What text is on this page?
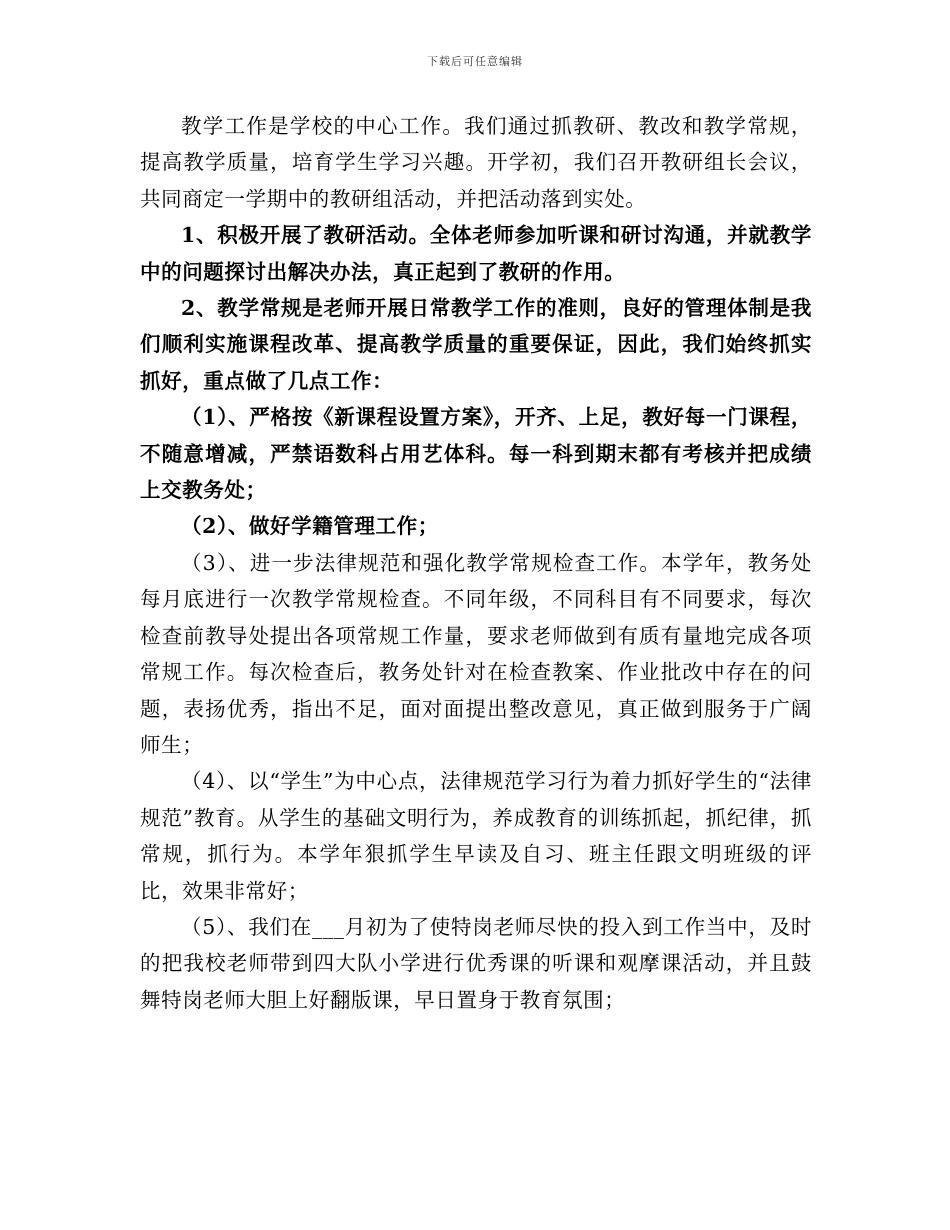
下载后可任意编辑

教学工作是学校的中心工作。我们通过抓教研、教改和教学常规，提高教学质量，培育学生学习兴趣。开学初，我们召开教研组长会议，共同商定一学期中的教研组活动，并把活动落到实处。

1、积极开展了教研活动。全体老师参加听课和研讨沟通，并就教学中的问题探讨出解决办法，真正起到了教研的作用。

2、教学常规是老师开展日常教学工作的准则，良好的管理体制是我们顺利实施课程改革、提高教学质量的重要保证，因此，我们始终抓实抓好，重点做了几点工作：

（1）、严格按《新课程设置方案》，开齐、上足，教好每一门课程，不随意增减，严禁语数科占用艺体科。每一科到期末都有考核并把成绩上交教务处；

（2）、做好学籍管理工作；

（3）、进一步法律规范和强化教学常规检查工作。本学年，教务处每月底进行一次教学常规检查。不同年级，不同科目有不同要求，每次检查前教导处提出各项常规工作量，要求老师做到有质有量地完成各项常规工作。每次检查后，教务处针对在检查教案、作业批改中存在的问题，表扬优秀，指出不足，面对面提出整改意见，真正做到服务于广阔师生；

（4）、以“学生”为中心点，法律规范学习行为着力抓好学生的“法律规范”教育。从学生的基础文明行为，养成教育的训练抓起，抓纪律，抓常规，抓行为。本学年狠抓学生早读及自习、班主任跟文明班级的评比，效果非常好；

（5）、我们在___月初为了使特岗老师尽快的投入到工作当中，及时的把我校老师带到四大队小学进行优秀课的听课和观摩课活动，并且鼓舞特岗老师大胆上好翻版课，早日置身于教育氛围；
